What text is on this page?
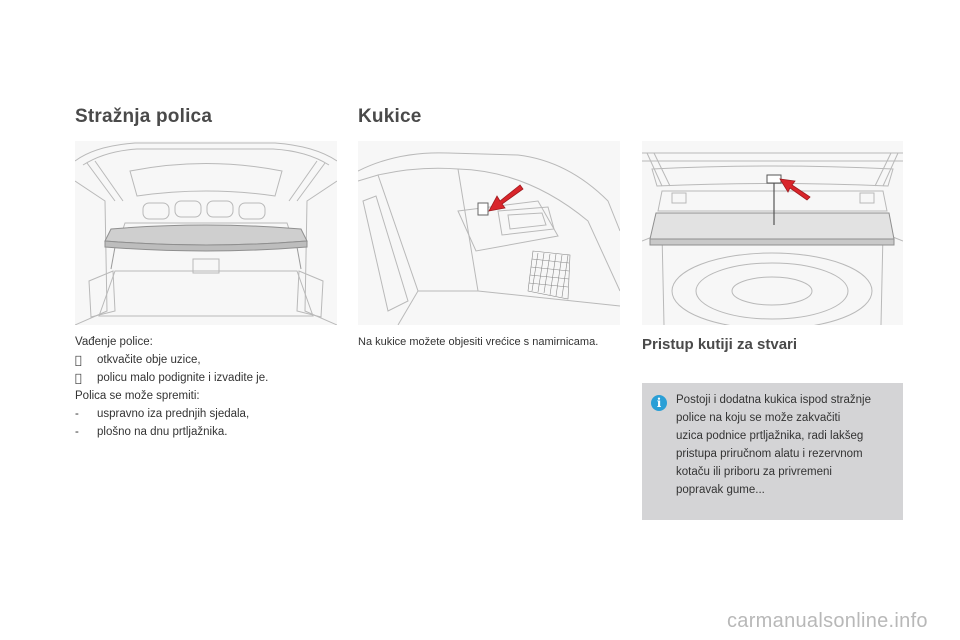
Stražnja polica	Kukice
Vađenje police:
otkvačite obje uzice,
policu malo podignite i izvadite je.
Polica se može spremiti:
-	uspravno iza prednjih sjedala,
-	plošno na dnu prtljažnika.
Na kukice možete objesiti vrećice s namirnicama.	Pristup kutiji za stvari
i	Postoji i dodatna kukica ispod stražnje
police na koju se može zakvačiti
uzica podnice prtljažnika, radi lakšeg
pristupa priručnom alatu i rezervnom
kotaču ili priboru za privremeni
popravak gume...
carmanualsonline.info
